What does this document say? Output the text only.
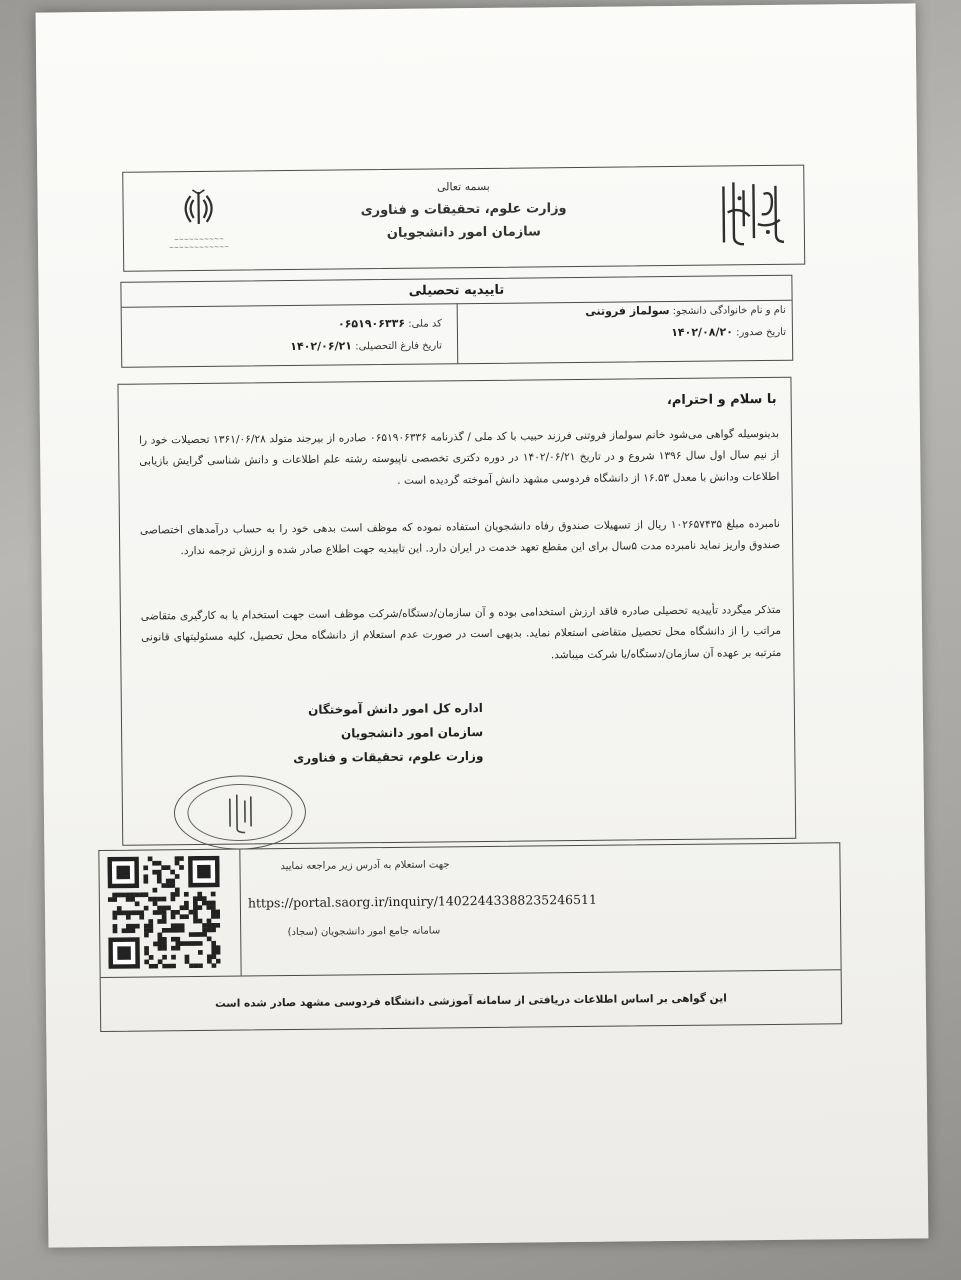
بسمه تعالی
وزارت علوم، تحقیقات و فناوری
سازمان امور دانشجویان
~~~~~~~~~~
~~~~~~~~~~~~
تاییدیه تحصیلی
نام و نام خانوادگی دانشجو: سولماز فروتنی
تاریخ صدور: ۱۴۰۲/۰۸/۲۰
کد ملی: ۰۶۵۱۹۰۶۳۳۶
تاریخ فارغ التحصیلی: ۱۴۰۲/۰۶/۲۱
با سلام و احترام،
بدینوسیله گواهی می‌شود خانم سولماز فروتنی فرزند حبیب با کد ملی / گذرنامه ۰۶۵۱۹۰۶۳۳۶ صادره از بیرجند متولد ۱۳۶۱/۰۶/۲۸ تحصیلات خود را از نیم سال اول سال ۱۳۹۶ شروع و در تاریخ ۱۴۰۲/۰۶/۲۱ در دوره دکتری تخصصی ناپیوسته رشته علم اطلاعات و دانش شناسی گرایش بازیابی اطلاعات ودانش با معدل ۱۶.۵۳ از دانشگاه فردوسی مشهد دانش آموخته گردیده است .
نامبرده مبلغ ۱۰۲۶۵۷۴۳۵ ریال از تسهیلات صندوق رفاه دانشجویان استفاده نموده که موظف است بدهی خود را به حساب درآمدهای اختصاصی صندوق واریز نماید نامبرده مدت ۵سال برای این مقطع تعهد خدمت در ایران دارد. این تاییدیه جهت اطلاع صادر شده و ارزش ترجمه ندارد.
متذکر میگردد تأییدیه تحصیلی صادره فاقد ارزش استخدامی بوده و آن سازمان/دستگاه/شرکت موظف است جهت استخدام یا به کارگیری متقاضی مراتب را از دانشگاه محل تحصیل متقاضی استعلام نماید. بدیهی است در صورت عدم استعلام از دانشگاه محل تحصیل، کلیه مسئولیتهای قانونی مترتبه بر عهده آن سازمان/دستگاه/یا شرکت میباشد.
اداره کل امور دانش آموختگان
سازمان امور دانشجویان
وزارت علوم، تحقیقات و فناوری
جهت استعلام به آدرس زیر مراجعه نمایید
https://portal.saorg.ir/inquiry/14022443388235246511
سامانه جامع امور دانشجویان (سجاد)
این گواهی بر اساس اطلاعات دریافتی از سامانه آموزشی دانشگاه فردوسی مشهد صادر شده است
